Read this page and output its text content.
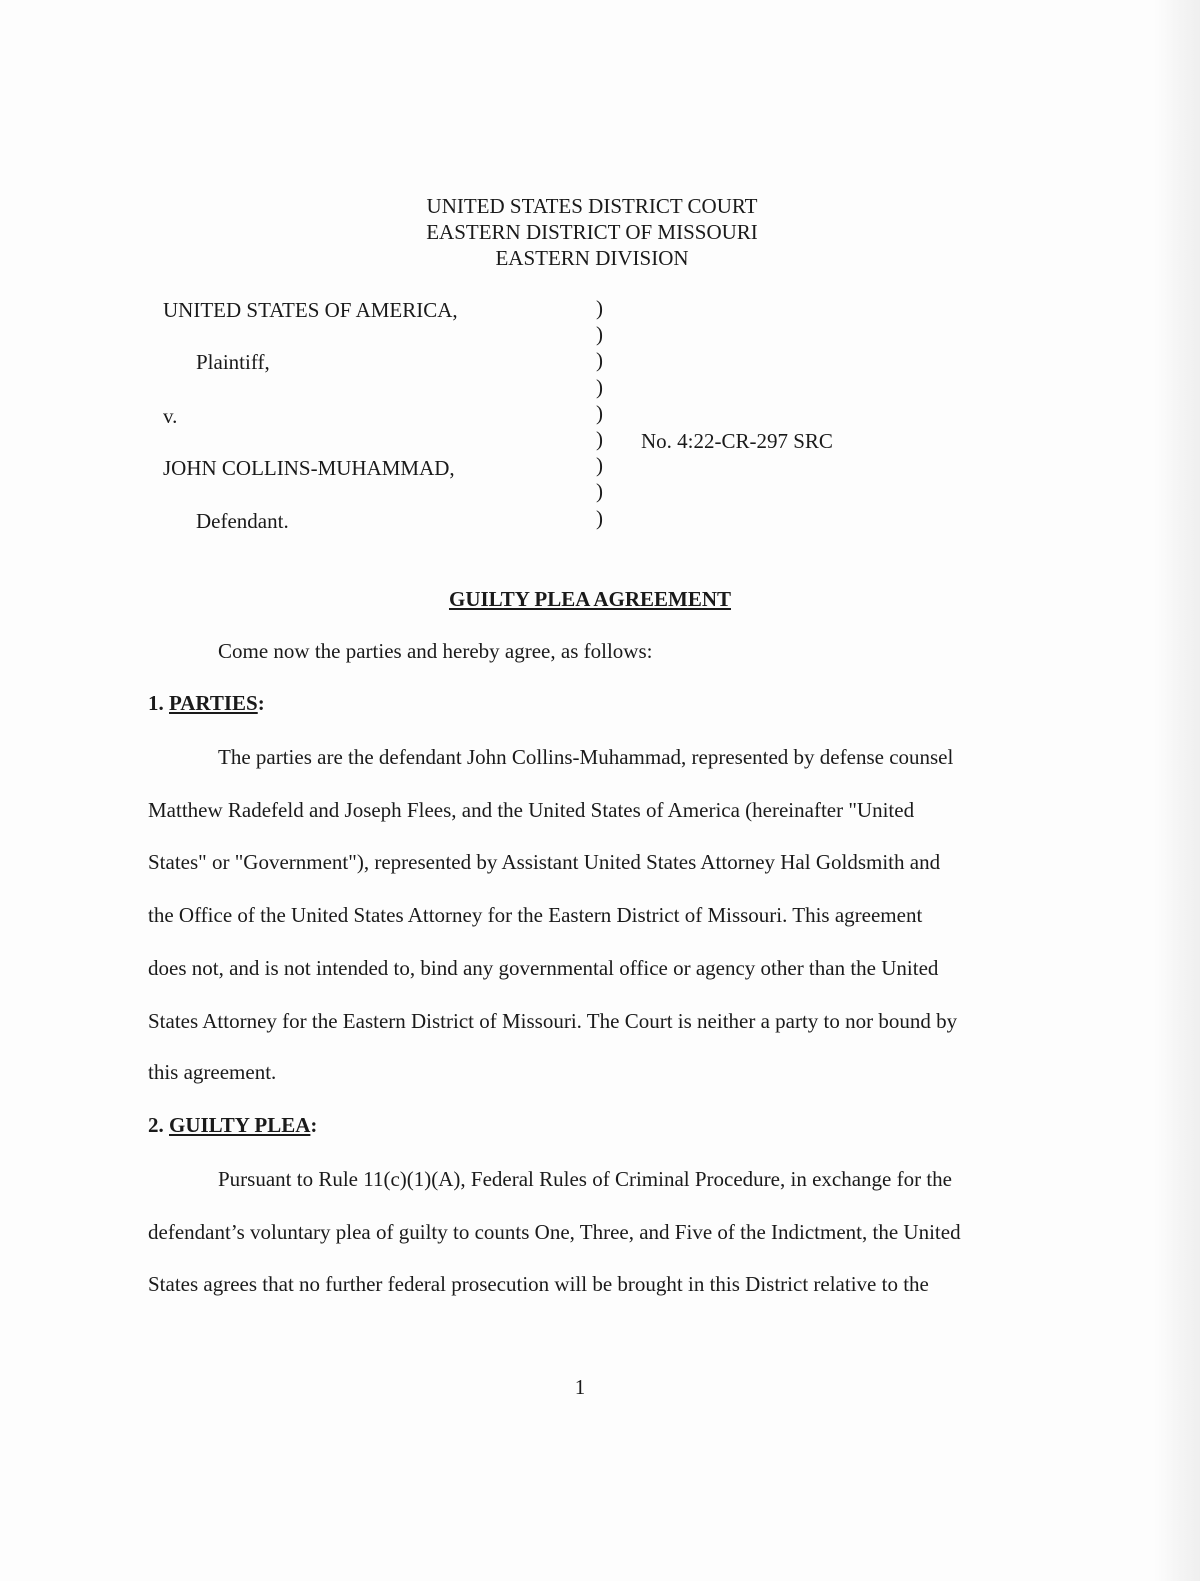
UNITED STATES DISTRICT COURT
EASTERN DISTRICT OF MISSOURI
EASTERN DIVISION
UNITED STATES OF AMERICA,
Plaintiff,
v.
JOHN COLLINS-MUHAMMAD,
Defendant.
)
)
)
)
)
)
)
)
)
No. 4:22-CR-297 SRC
GUILTY PLEA AGREEMENT
Come now the parties and hereby agree, as follows:
1. PARTIES:
The parties are the defendant John Collins-Muhammad, represented by defense counsel
Matthew Radefeld and Joseph Flees, and the United States of America (hereinafter "United
States" or "Government"), represented by Assistant United States Attorney Hal Goldsmith and
the Office of the United States Attorney for the Eastern District of Missouri. This agreement
does not, and is not intended to, bind any governmental office or agency other than the United
States Attorney for the Eastern District of Missouri. The Court is neither a party to nor bound by
this agreement.
2. GUILTY PLEA:
Pursuant to Rule 11(c)(1)(A), Federal Rules of Criminal Procedure, in exchange for the
defendant’s voluntary plea of guilty to counts One, Three, and Five of the Indictment, the United
States agrees that no further federal prosecution will be brought in this District relative to the
1
